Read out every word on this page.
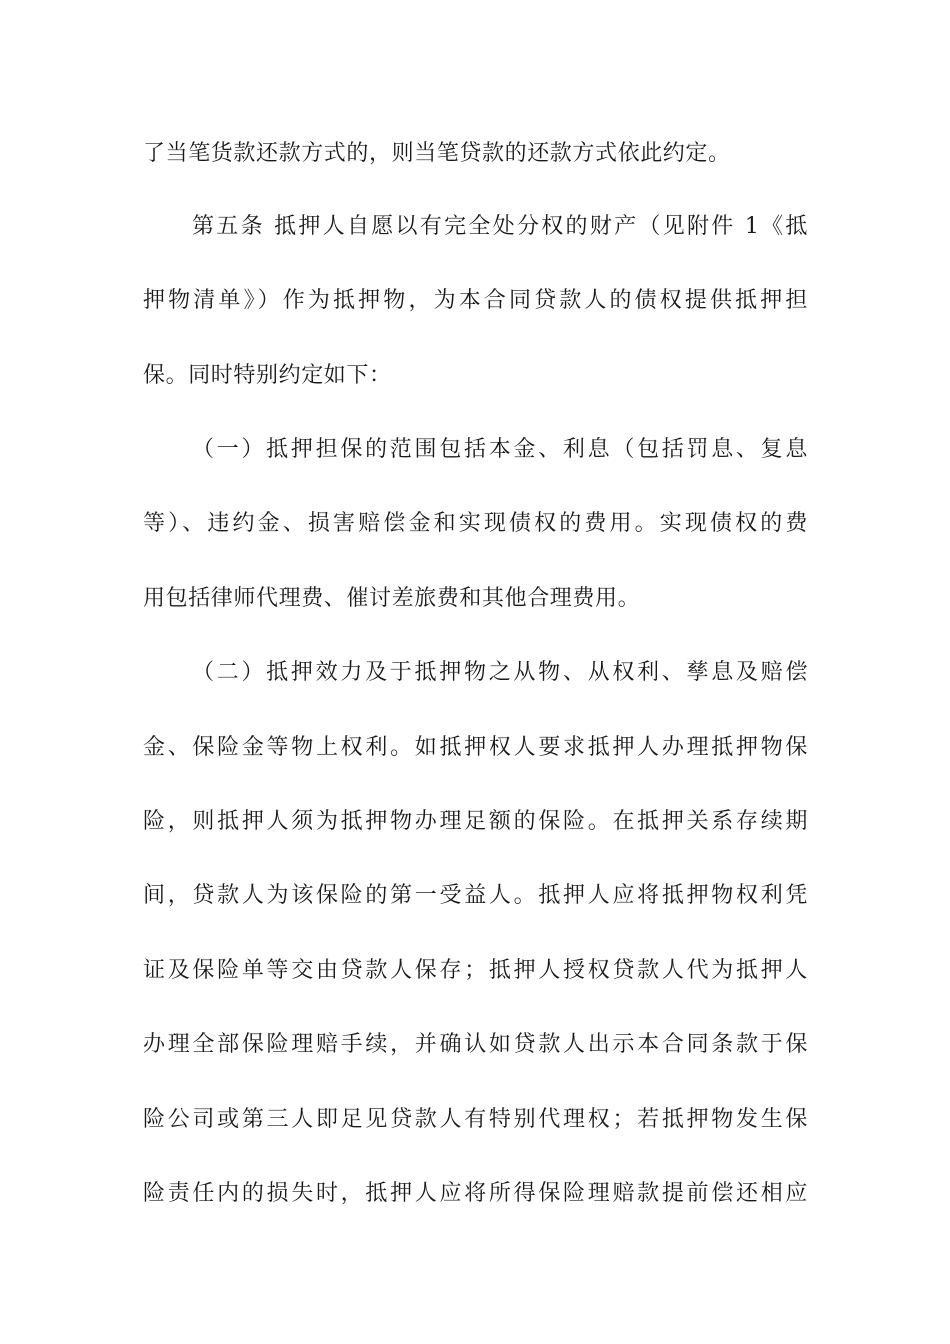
了当笔货款还款方式的，则当笔贷款的还款方式依此约定。
第五条 抵押人自愿以有完全处分权的财产（见附件 1《抵
押物清单》）作为抵押物，为本合同贷款人的债权提供抵押担
保。同时特别约定如下：
（一）抵押担保的范围包括本金、利息（包括罚息、复息
等）、违约金、损害赔偿金和实现债权的费用。实现债权的费
用包括律师代理费、催讨差旅费和其他合理费用。
（二）抵押效力及于抵押物之从物、从权利、孳息及赔偿
金、保险金等物上权利。如抵押权人要求抵押人办理抵押物保
险，则抵押人须为抵押物办理足额的保险。在抵押关系存续期
间，贷款人为该保险的第一受益人。抵押人应将抵押物权利凭
证及保险单等交由贷款人保存；抵押人授权贷款人代为抵押人
办理全部保险理赔手续，并确认如贷款人出示本合同条款于保
险公司或第三人即足见贷款人有特别代理权；若抵押物发生保
险责任内的损失时，抵押人应将所得保险理赔款提前偿还相应
